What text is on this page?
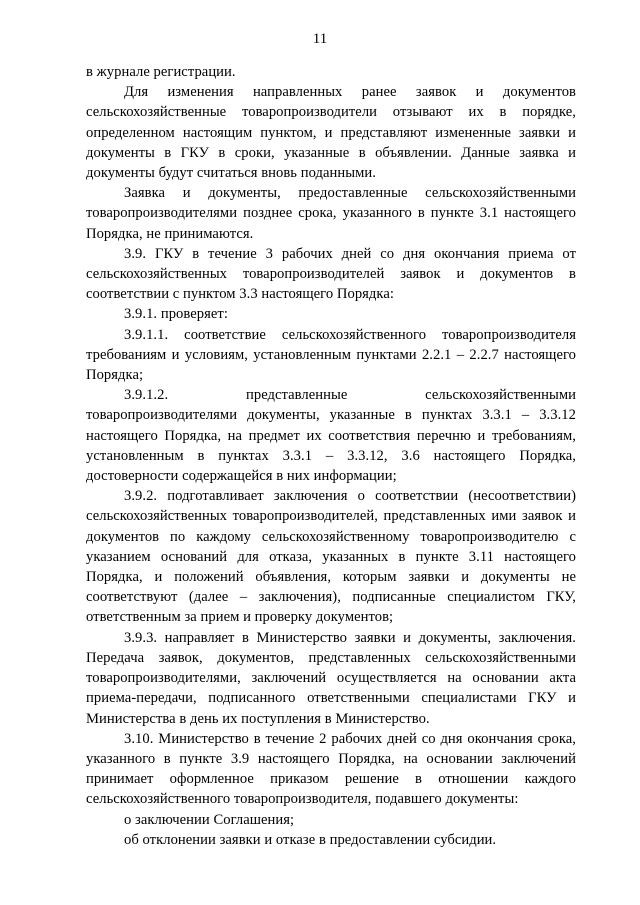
11

в журнале регистрации.

Для изменения направленных ранее заявок и документов сельскохозяйственные товаропроизводители отзывают их в порядке, определенном настоящим пунктом, и представляют измененные заявки и документы в ГКУ в сроки, указанные в объявлении. Данные заявка и документы будут считаться вновь поданными.

Заявка и документы, предоставленные сельскохозяйственными товаропроизводителями позднее срока, указанного в пункте 3.1 настоящего Порядка, не принимаются.

3.9. ГКУ в течение 3 рабочих дней со дня окончания приема от сельскохозяйственных товаропроизводителей заявок и документов в соответствии с пунктом 3.3 настоящего Порядка:

3.9.1. проверяет:

3.9.1.1. соответствие сельскохозяйственного товаропроизводителя требованиям и условиям, установленным пунктами 2.2.1 – 2.2.7 настоящего Порядка;

3.9.1.2. представленные сельскохозяйственными товаропроизводителями документы, указанные в пунктах 3.3.1 – 3.3.12 настоящего Порядка, на предмет их соответствия перечню и требованиям, установленным в пунктах 3.3.1 – 3.3.12, 3.6 настоящего Порядка, достоверности содержащейся в них информации;

3.9.2. подготавливает заключения о соответствии (несоответствии) сельскохозяйственных товаропроизводителей, представленных ими заявок и документов по каждому сельскохозяйственному товаропроизводителю с указанием оснований для отказа, указанных в пункте 3.11 настоящего Порядка, и положений объявления, которым заявки и документы не соответствуют (далее – заключения), подписанные специалистом ГКУ, ответственным за прием и проверку документов;

3.9.3. направляет в Министерство заявки и документы, заключения. Передача заявок, документов, представленных сельскохозяйственными товаропроизводителями, заключений осуществляется на основании акта приема-передачи, подписанного ответственными специалистами ГКУ и Министерства в день их поступления в Министерство.

3.10. Министерство в течение 2 рабочих дней со дня окончания срока, указанного в пункте 3.9 настоящего Порядка, на основании заключений принимает оформленное приказом решение в отношении каждого сельскохозяйственного товаропроизводителя, подавшего документы:

о заключении Соглашения;

об отклонении заявки и отказе в предоставлении субсидии.
